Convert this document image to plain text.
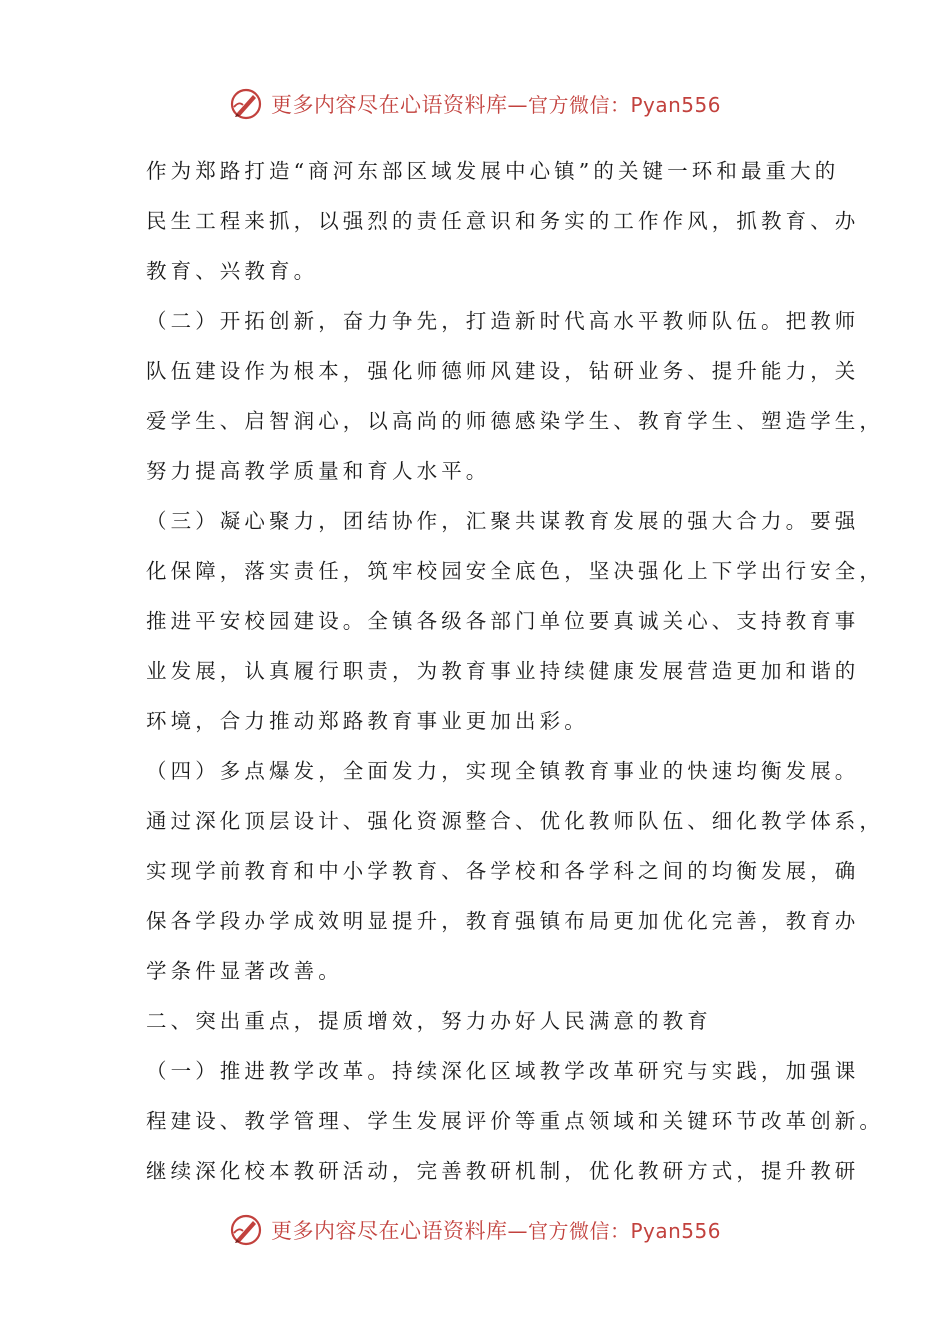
更多内容尽在心语资料库—官方微信：Pyan556
作为郑路打造“商河东部区域发展中心镇”的关键一环和最重大的
民生工程来抓，以强烈的责任意识和务实的工作作风，抓教育、办
教育、兴教育。
（二）开拓创新，奋力争先，打造新时代高水平教师队伍。把教师
队伍建设作为根本，强化师德师风建设，钻研业务、提升能力，关
爱学生、启智润心，以高尚的师德感染学生、教育学生、塑造学生，
努力提高教学质量和育人水平。
（三）凝心聚力，团结协作，汇聚共谋教育发展的强大合力。要强
化保障，落实责任，筑牢校园安全底色，坚决强化上下学出行安全，
推进平安校园建设。全镇各级各部门单位要真诚关心、支持教育事
业发展，认真履行职责，为教育事业持续健康发展营造更加和谐的
环境，合力推动郑路教育事业更加出彩。
（四）多点爆发，全面发力，实现全镇教育事业的快速均衡发展。
通过深化顶层设计、强化资源整合、优化教师队伍、细化教学体系，
实现学前教育和中小学教育、各学校和各学科之间的均衡发展，确
保各学段办学成效明显提升，教育强镇布局更加优化完善，教育办
学条件显著改善。
二、突出重点，提质增效，努力办好人民满意的教育
（一）推进教学改革。持续深化区域教学改革研究与实践，加强课
程建设、教学管理、学生发展评价等重点领域和关键环节改革创新。
继续深化校本教研活动，完善教研机制，优化教研方式，提升教研
更多内容尽在心语资料库—官方微信：Pyan556
